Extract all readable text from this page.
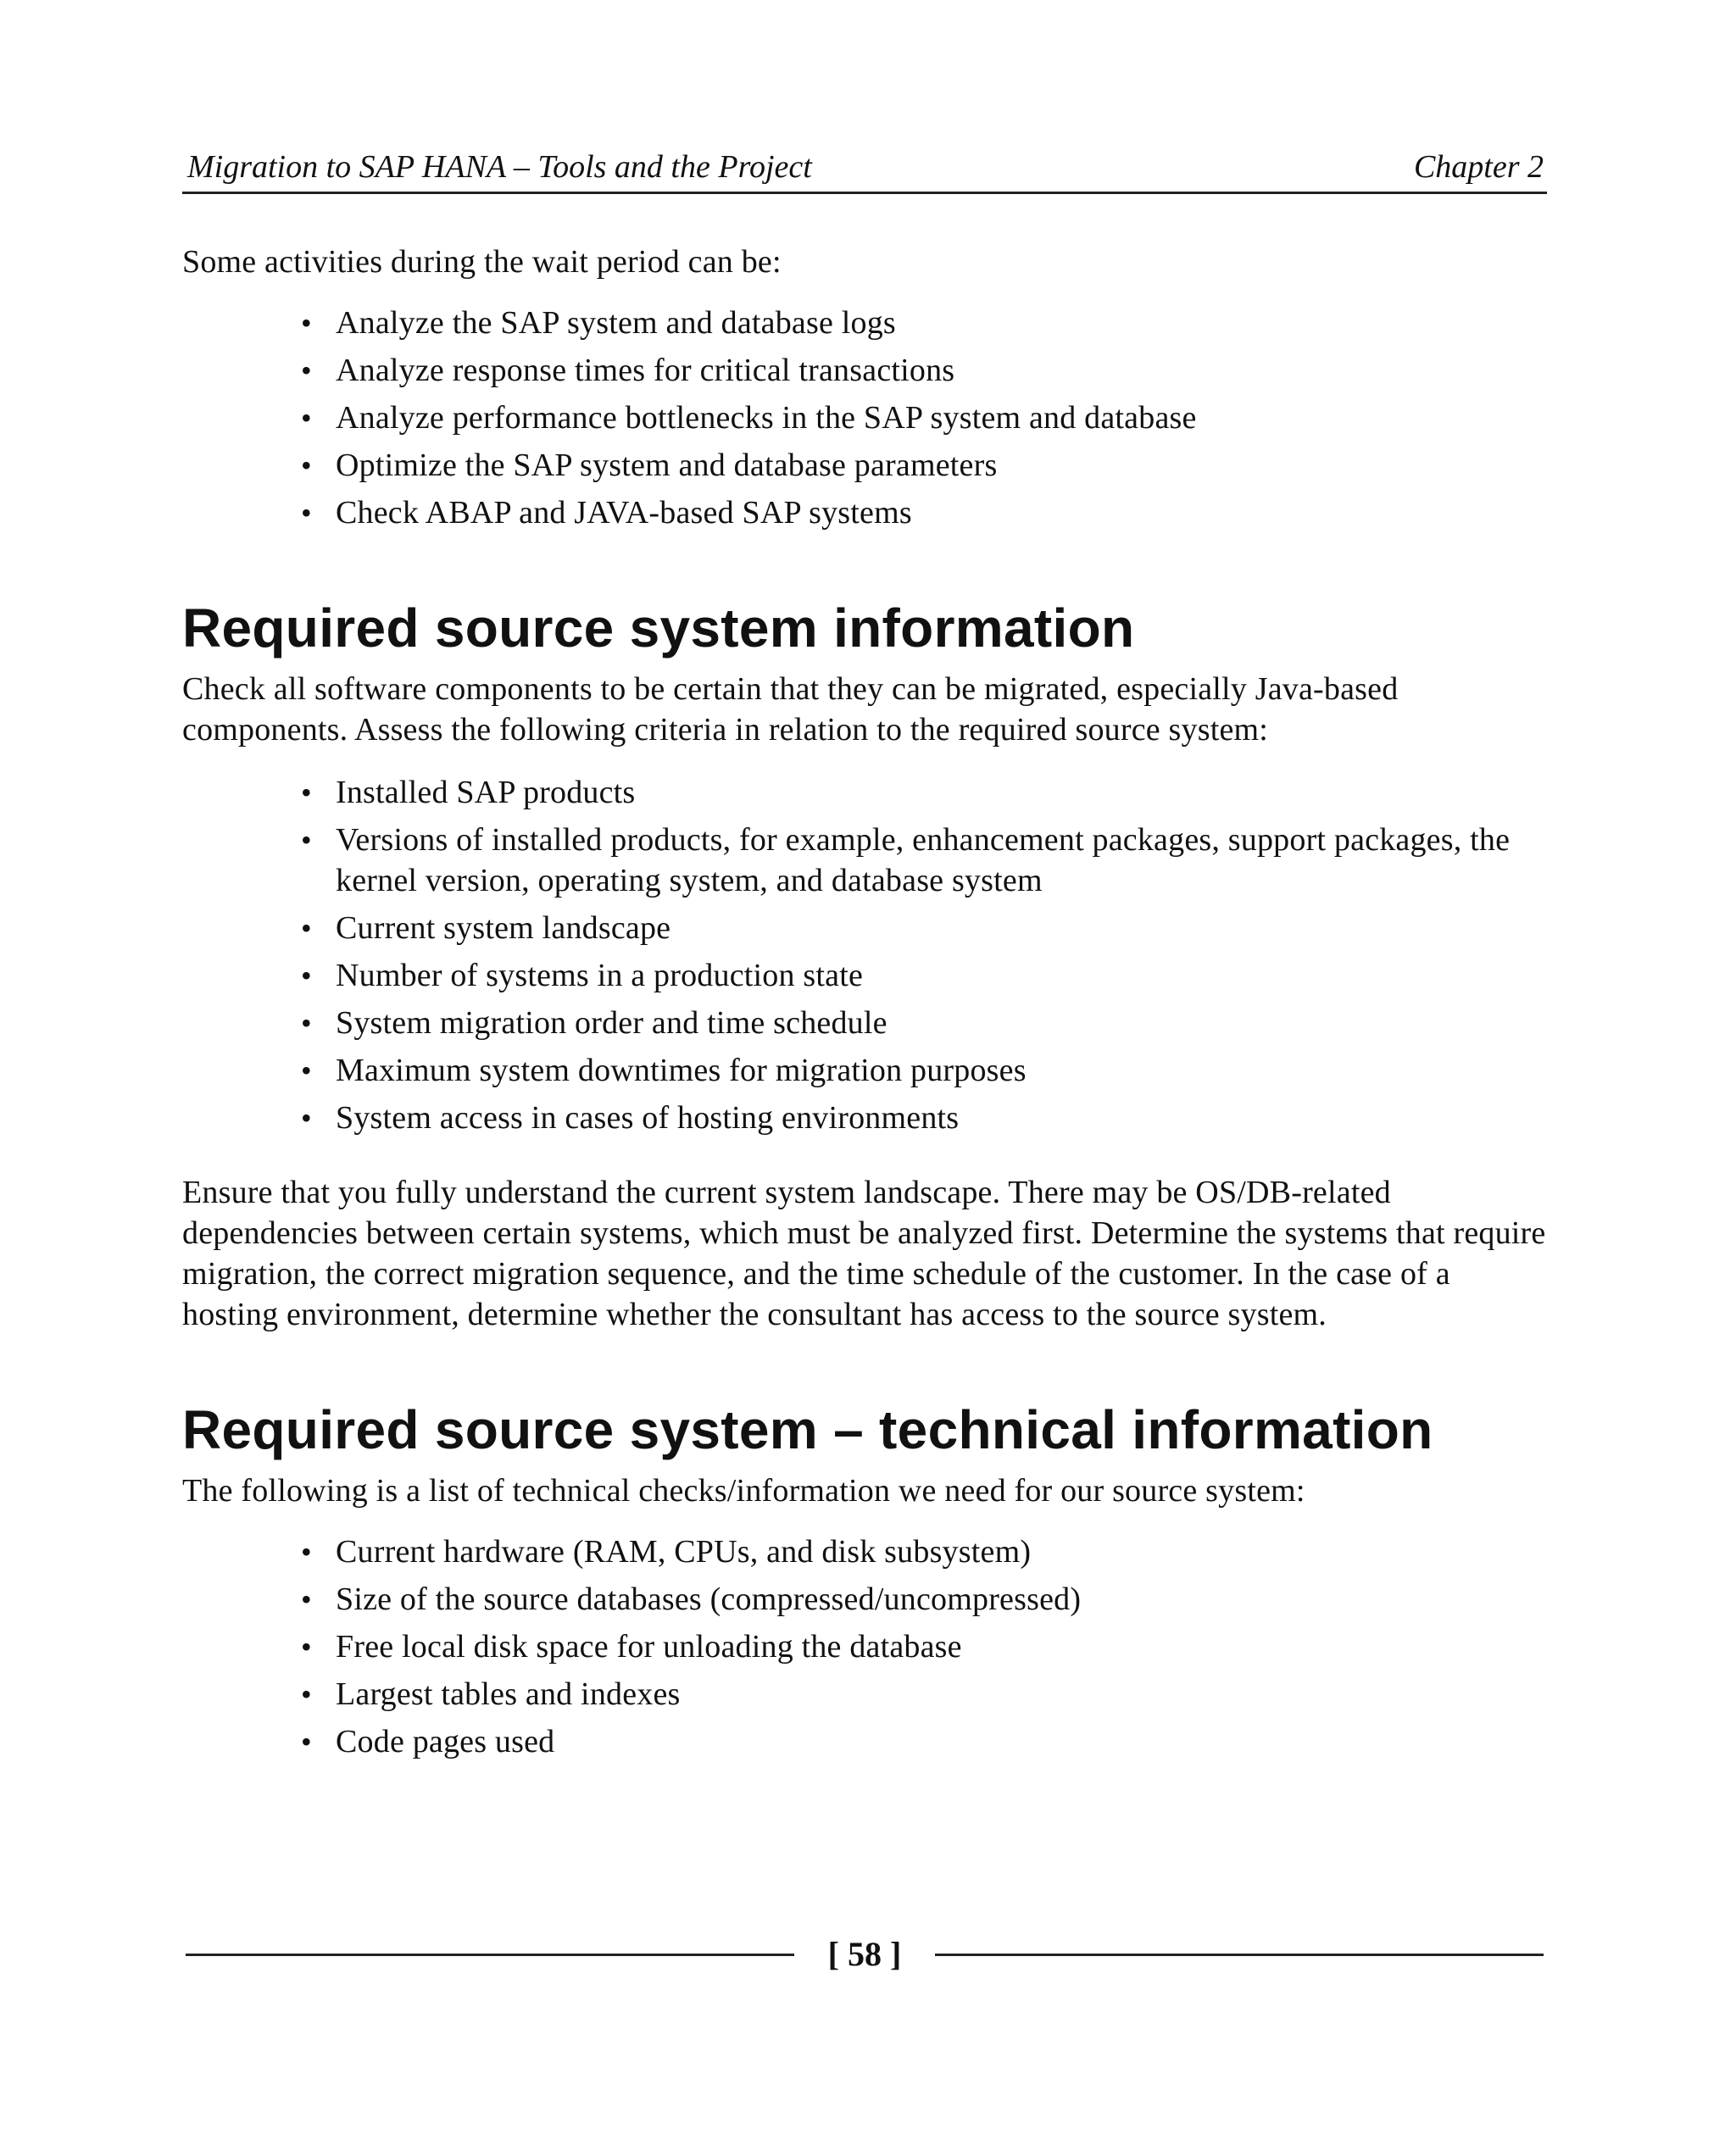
Migration to SAP HANA – Tools and the Project	Chapter 2

Some activities during the wait period can be:

• Analyze the SAP system and database logs
• Analyze response times for critical transactions
• Analyze performance bottlenecks in the SAP system and database
• Optimize the SAP system and database parameters
• Check ABAP and JAVA-based SAP systems
Required source system information

Check all software components to be certain that they can be migrated, especially Java-based components. Assess the following criteria in relation to the required source system:

• Installed SAP products
• Versions of installed products, for example, enhancement packages, support packages, the kernel version, operating system, and database system
• Current system landscape
• Number of systems in a production state
• System migration order and time schedule
• Maximum system downtimes for migration purposes
• System access in cases of hosting environments

Ensure that you fully understand the current system landscape. There may be OS/DB-related dependencies between certain systems, which must be analyzed first. Determine the systems that require migration, the correct migration sequence, and the time schedule of the customer. In the case of a hosting environment, determine whether the consultant has access to the source system.

Required source system – technical information

The following is a list of technical checks/information we need for our source system:

• Current hardware (RAM, CPUs, and disk subsystem)
• Size of the source databases (compressed/uncompressed)
• Free local disk space for unloading the database
• Largest tables and indexes
• Code pages used
[ 58 ]
